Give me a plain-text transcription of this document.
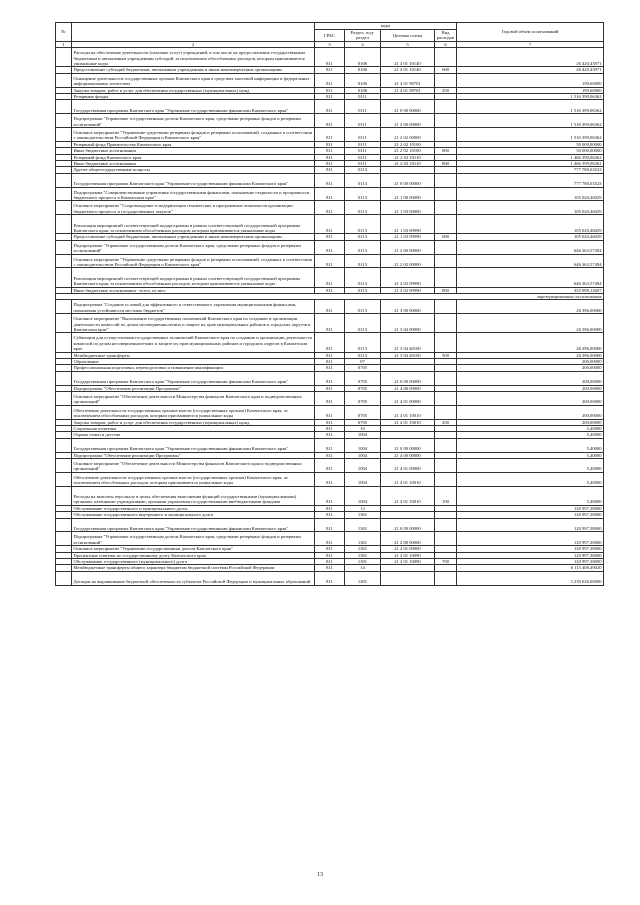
№		коды				Годовой объем ассигнований
		ГРБС	Раздел, под-раздел	Целевая статья	Вид расходов	
1	2	3	4	5	6	7
	Расходы на обеспечение деятельности (оказание услуг) учреждений, в том числе на предоставление государственным бюджетным и автономным учреждениям субсидий, за исключением обособленных расходов, которым присваиваются уникальные коды	811	0106	21 4 01 10140		26 420,43971
	Предоставление субсидий бюджетным, автономным учреждениям и иным некоммерческим организациям	811	0106	21 4 01 10140	600	26 420,43971
	Оснащение деятельности государственных органов Камчатского края в средствах массовой информации и федеральных информационных агентствах	811	0106	21 4 01 98701		199,60000
	Закупка товаров, работ и услуг для обеспечения государственных (муниципальных) нужд	811	0106	21 4 01 98701	200	199,60000
	Резервные фонды	811	0111			1 516 399,06362
	Государственная программа Камчатского края "Управление государственными финансами Камчатского края"	811	0111	21 0 00 00000		1 516 399,06362
	Подпрограмма "Управление государственным долгом Камчатского края, средствами резервных фондов и резервами ассигнований"	811	0111	21 2 00 00000		1 516 399,06362
	Основное мероприятие "Управление средствами резервных фондов и резервами ассигнований, созданных в соответствии с законодательством Российской Федерации и Камчатского края"	811	0111	21 2 02 00000		1 516 399,06362
	Резервный фонд Правительства Камчатского края	811	0111	21 2 02 10100		50 000,00000
	Иные бюджетные ассигнования	811	0111	21 2 02 10100	800	50 000,00000
	Резервный фонд Камчатского края	811	0111	21 2 02 10110		1 466 399,06362
	Иные бюджетные ассигнования	811	0111	21 2 02 10110	800	1 466 399,06362
	Другие общегосударственные вопросы	811	0113			777 780,03523
	Государственная программа Камчатского края "Управление государственными финансами Камчатского края"	811	0113	21 0 00 00000		777 780,03523
	Подпрограмма "Совершенствование управления государственными финансами, повышение открытости и прозрачности бюджетного процесса в Камчатском крае"	811	0113	21 1 00 00000		105 020,46029
	Основное мероприятие "Сопровождение и модернизация технических и программных комплексов организации бюджетного процесса и государственных закупок"	811	0113	21 1 03 00000		105 020,46029
	Реализация мероприятий соответствующей подпрограммы в рамках соответствующей государственной программы Камчатского края, за исключением обособленных расходов, которым присваиваются уникальные коды	811	0113	21 1 03 09990		105 020,46029
	Предоставление субсидий бюджетным, автономным учреждениям и иным некоммерческим организациям	811	0113	21 1 03 09990	600	105 020,46029
	Подпрограмма "Управление государственным долгом Камчатского края, средствами резервных фондов и резервами ассигнований"	811	0113	21 2 00 00000		646 363,57494
	Основное мероприятие "Управление средствами резервных фондов и резервами ассигнований, созданных в соответствии с законодательством Российской Федерации и Камчатского края"	811	0113	21 2 02 00000		646 363,57494
	Реализация мероприятий соответствующей подпрограммы в рамках соответствующей государственной программы Камчатского края, за исключением обособленных расходов, которым присваиваются уникальные коды	811	0113	21 2 02 09990		646 363,57494
	Иные бюджетные ассигнования - всего, из них:	811	0113	21 2 02 09990	800	353 999,12607
зарезервированные ассигнования						
	Подпрограмма "Создание условий для эффективного и ответственного управления муниципальными финансами, повышения устойчивости местных бюджетов"	811	0113	21 3 00 00000		26 396,00000
	Основное мероприятие "Выполнение государственных полномочий Камчатского края по созданию и организации деятельности комиссий по делам несовершеннолетних и защите их прав муниципальных районов и городских округов в Камчатском крае"	811	0113	21 3 04 00000		26 396,00000
	Субвенции для осуществления государственных полномочий Камчатского края по созданию и организации деятельности комиссий по делам несовершеннолетних и защите их прав муниципальных районов и городских округов в Камчатском крае	811	0113	21 3 04 40100		26 396,00000
	Межбюджетные трансферты	811	0113	21 3 04 40100	500	26 396,00000
	Образование	811	07			200,00000
	Профессиональная подготовка, переподготовка и повышение квалификации	811	0705			200,00000
	Государственная программа Камчатского края "Управление государственными финансами Камчатского края"	811	0705	21 0 00 00000		200,00000
	Подпрограмма "Обеспечение реализации Программы"	811	0705	21 4 00 00000		200,00000
	Основное мероприятие "Обеспечение деятельности Министерства финансов Камчатского края и подведомственных организаций"	811	0705	21 4 01 00000		200,00000
	Обеспечение деятельности государственных органов власти (государственных органов) Камчатского края, за исключением обособленных расходов, которым присваиваются уникальные коды	811	0705	21 4 01 10010		200,00000
	Закупка товаров, работ и услуг для обеспечения государственных (муниципальных) нужд	811	0705	21 4 01 10010	200	200,00000
	Социальная политика	811	10			5,40000
	Охрана семьи и детства	811	1004			5,40000
	Государственная программа Камчатского края "Управление государственными финансами Камчатского края"	811	1004	21 0 00 00000		5,40000
	Подпрограмма "Обеспечение реализации Программы"	811	1004	21 4 00 00000		5,40000
	Основное мероприятие "Обеспечение деятельности Министерства финансов Камчатского края и подведомственных организаций"	811	1004	21 4 01 00000		5,40000
	Обеспечение деятельности государственных органов власти (государственных органов) Камчатского края, за исключением обособленных расходов, которым присваиваются уникальные коды	811	1004	21 4 01 10010		5,40000
	Расходы на выплаты персоналу в целях обеспечения выполнения функций государственными (муниципальными) органами, казенными учреждениями, органами управления государственными внебюджетными фондами	811	1004	21 4 01 10010	100	5,40000
	Обслуживание государственного и муниципального долга	811	13			120 997,38000
	Обслуживание государственного внутреннего и муниципального долга	811	1301			120 997,38000
	Государственная программа Камчатского края "Управление государственными финансами Камчатского края"	811	1301	21 0 00 00000		120 997,38000
	Подпрограмма "Управление государственным долгом Камчатского края, средствами резервных фондов и резервами ассигнований"	811	1301	21 2 00 00000		120 997,38000
	Основное мероприятие "Управление государственным долгом Камчатского края"	811	1301	21 2 01 00000		120 997,38000
	Процентные платежи по государственному долгу Камчатского края	811	1301	21 2 01 10090		120 997,38000
	Обслуживание государственного (муниципального) долга	811	1301	21 2 01 10090	700	120 997,38000
	Межбюджетные трансферты общего характера бюджетам бюджетной системы Российской Федерации	811	14			6 113 408,49020
	Дотации на выравнивание бюджетной обеспеченности субъектов Российской Федерации и муниципальных образований	811	1401			3 239 626,00000
13
